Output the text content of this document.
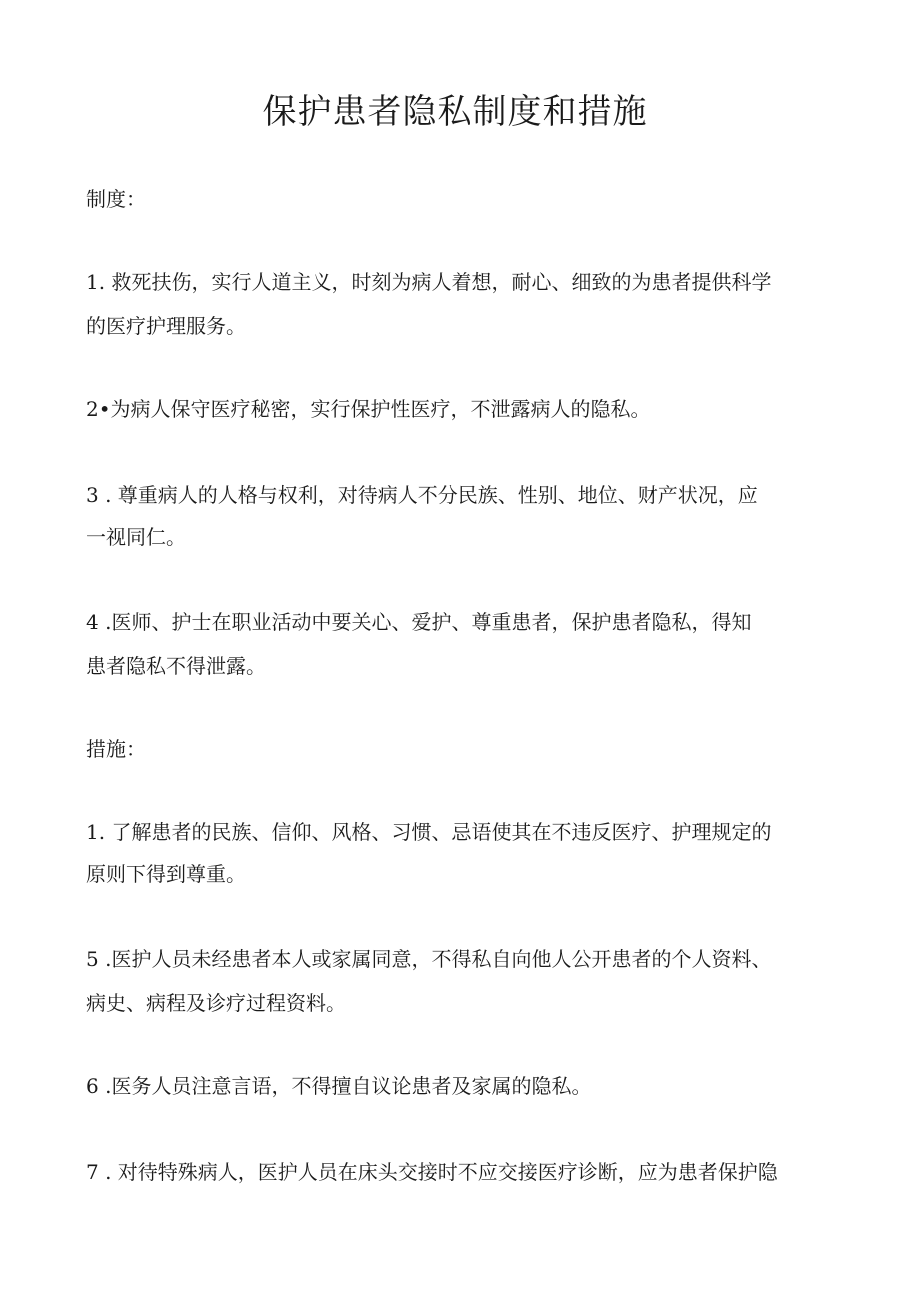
保护患者隐私制度和措施

制度：

1. 救死扶伤，实行人道主义，时刻为病人着想，耐心、细致的为患者提供科学

的医疗护理服务。

2•为病人保守医疗秘密，实行保护性医疗，不泄露病人的隐私。

3 . 尊重病人的人格与权利，对待病人不分民族、性别、地位、财产状况，应

一视同仁。

4 .医师、护士在职业活动中要关心、爱护、尊重患者，保护患者隐私，得知

患者隐私不得泄露。

措施：

1. 了解患者的民族、信仰、风格、习惯、忌语使其在不违反医疗、护理规定的

原则下得到尊重。

5 .医护人员未经患者本人或家属同意，不得私自向他人公开患者的个人资料、

病史、病程及诊疗过程资料。

6 .医务人员注意言语，不得擅自议论患者及家属的隐私。

7 . 对待特殊病人，医护人员在床头交接时不应交接医疗诊断，应为患者保护隐
